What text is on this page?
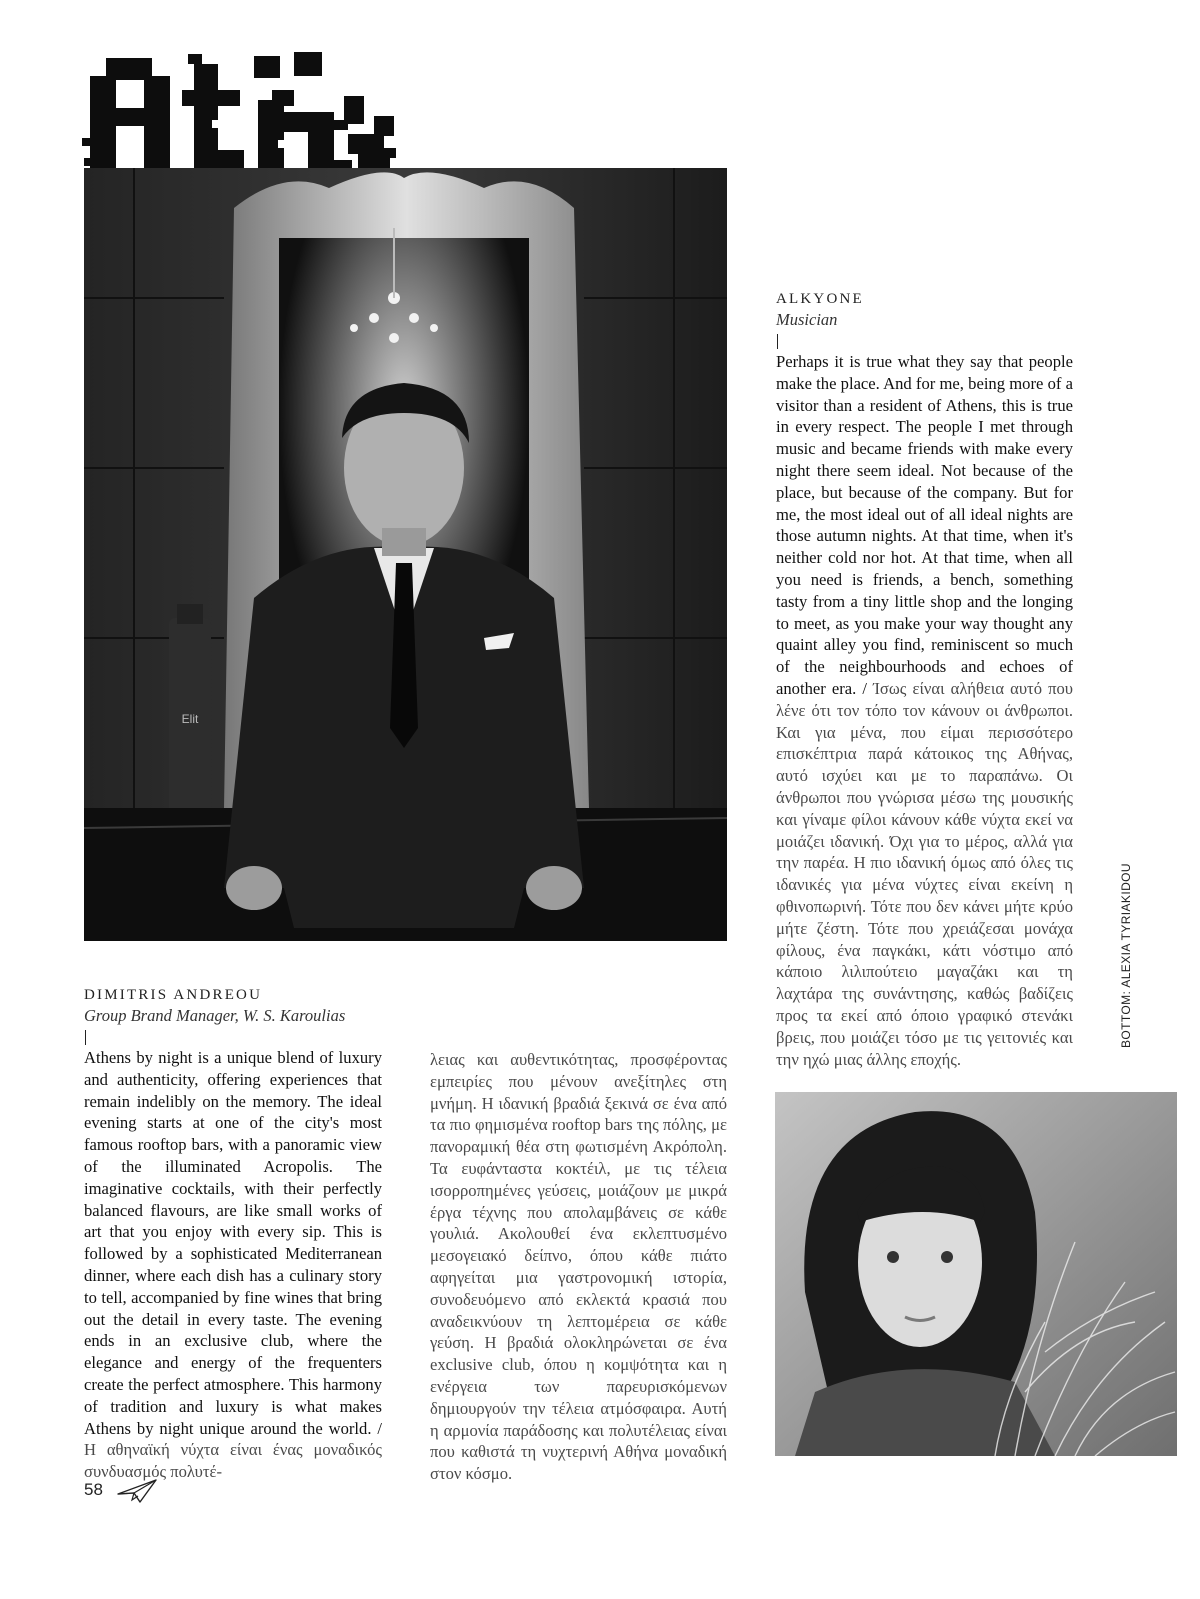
Elit

ALKYONE

Musician

Perhaps it is true what they say that people make the place. And for me, being more of a visitor than a resident of Athens, this is true in every respect. The people I met through music and became friends with make every night there seem ideal. Not because of the place, but because of the company. But for me, the most ideal out of all ideal nights are those autumn nights. At that time, when it's neither cold nor hot. At that time, when all you need is friends, a bench, something tasty from a tiny little shop and the longing to meet, as you make your way thought any quaint alley you find, reminiscent so much of the neighbourhoods and echoes of another era. / Ίσως είναι αλήθεια αυτό που λένε ότι τον τόπο τον κάνουν οι άνθρωποι. Και για μένα, που είμαι περισσότερο επισκέπτρια παρά κάτοικος της Αθήνας, αυτό ισχύει και με το παραπάνω. Οι άνθρωποι που γνώρισα μέσω της μουσικής και γίναμε φίλοι κάνουν κάθε νύχτα εκεί να μοιάζει ιδανική. Όχι για το μέρος, αλλά για την παρέα. Η πιο ιδανική όμως από όλες τις ιδανικές για μένα νύχτες είναι εκείνη η φθινοπωρινή. Τότε που δεν κάνει μήτε κρύο μήτε ζέστη. Τότε που χρειάζεσαι μονάχα φίλους, ένα παγκάκι, κάτι νόστιμο από κάποιο λιλιπούτειο μαγαζάκι και τη λαχτάρα της συνάντησης, καθώς βαδίζεις προς τα εκεί από όποιο γραφικό στενάκι βρεις, που μοιάζει τόσο με τις γειτονιές και την ηχώ μιας άλλης εποχής.

BOTTOM: ALEXIA TYRIAKIDOU

DIMITRIS ANDREOU

Group Brand Manager, W. S. Karoulias

Athens by night is a unique blend of luxury and authenticity, offering experiences that remain indelibly on the memory. The ideal evening starts at one of the city's most famous rooftop bars, with a panoramic view of the illuminated Acropolis. The imaginative cocktails, with their perfectly balanced flavours, are like small works of art that you enjoy with every sip. This is followed by a sophisticated Mediterranean dinner, where each dish has a culinary story to tell, accompanied by fine wines that bring out the detail in every taste. The evening ends in an exclusive club, where the elegance and energy of the frequenters create the perfect atmosphere. This harmony of tradition and luxury is what makes Athens by night unique around the world. / Η αθηναϊκή νύχτα είναι ένας μοναδικός συνδυασμός πολυτέ-

λειας και αυθεντικότητας, προσφέροντας εμπειρίες που μένουν ανεξίτηλες στη μνήμη. Η ιδανική βραδιά ξεκινά σε ένα από τα πιο φημισμένα rooftop bars της πόλης, με πανοραμική θέα στη φωτισμένη Ακρόπολη. Τα ευφάνταστα κοκτέιλ, με τις τέλεια ισορροπημένες γεύσεις, μοιάζουν με μικρά έργα τέχνης που απολαμβάνεις σε κάθε γουλιά. Ακολουθεί ένα εκλεπτυσμένο μεσογειακό δείπνο, όπου κάθε πιάτο αφηγείται μια γαστρονομική ιστορία, συνοδευόμενο από εκλεκτά κρασιά που αναδεικνύουν τη λεπτομέρεια σε κάθε γεύση. Η βραδιά ολοκληρώνεται σε ένα exclusive club, όπου η κομψότητα και η ενέργεια των παρευρισκόμενων δημιουργούν την τέλεια ατμόσφαιρα. Αυτή η αρμονία παράδοσης και πολυτέλειας είναι που καθιστά τη νυχτερινή Αθήνα μοναδική στον κόσμο.

58
